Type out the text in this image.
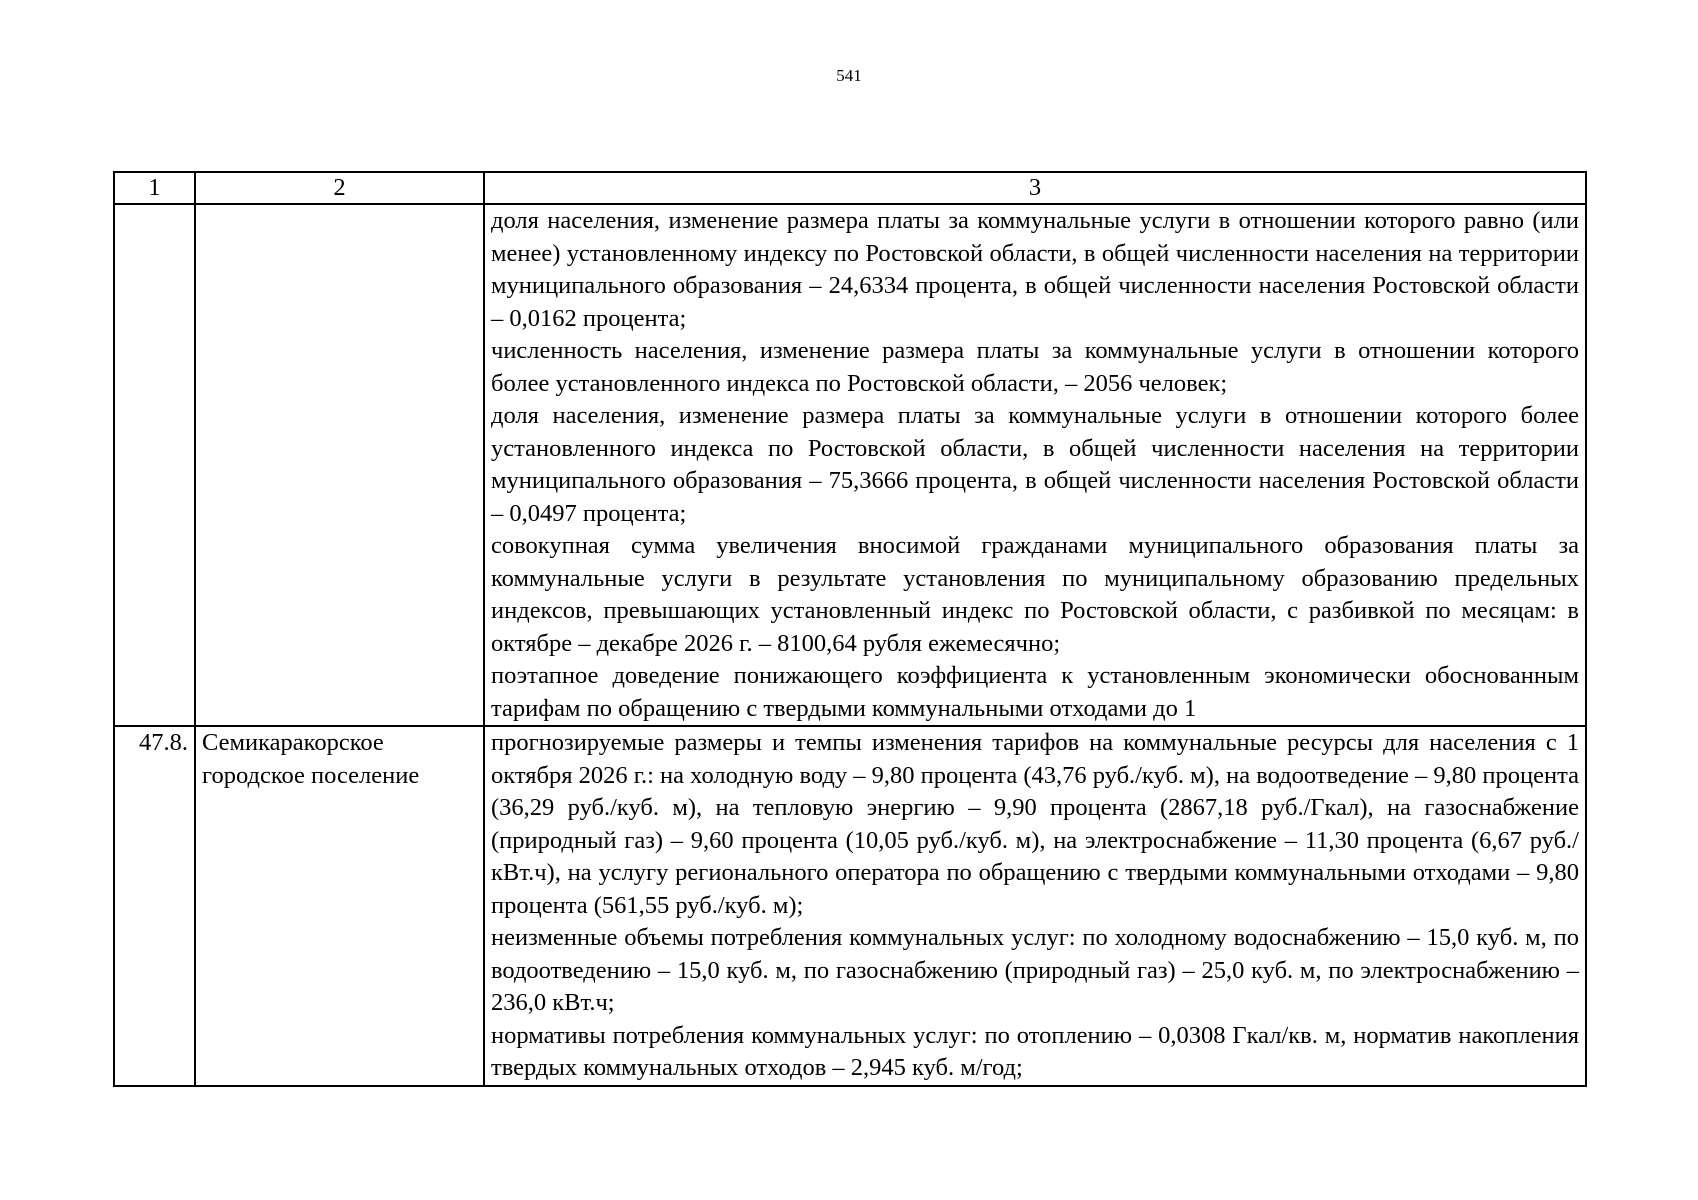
541
1	2	3

		доля населения, изменение размера платы за коммунальные услуги в отношении которого равно (или менее) установленному индексу по Ростовской области, в общей численности населения на территории муниципального образования – 24,6334 процента, в общей численности населения Ростовской области – 0,0162 процента;

численность населения, изменение размера платы за коммунальные услуги в отношении которого более установленного индекса по Ростовской области, – 2056 человек;

доля населения, изменение размера платы за коммунальные услуги в отношении которого более установленного индекса по Ростовской области, в общей численности населения на территории муниципального образования – 75,3666 процента, в общей численности населения Ростовской области – 0,0497 процента;

совокупная сумма увеличения вносимой гражданами муниципального образования платы за коммунальные услуги в результате установления по муниципальному образованию предельных индексов, превышающих установленный индекс по Ростовской области, с разбивкой по месяцам: в октябре – декабре 2026 г. – 8100,64 рубля ежемесячно;

поэтапное доведение понижающего коэффициента к установленным экономически обоснованным тарифам по обращению с твердыми коммунальными отходами до 1

47.8.	Семикаракорское городское поселение	прогнозируемые размеры и темпы изменения тарифов на коммунальные ресурсы для населения с 1 октября 2026 г.: на холодную воду – 9,80 процента (43,76 руб./куб. м), на водоотведение – 9,80 процента (36,29 руб./куб. м), на тепловую энергию – 9,90 процента (2867,18 руб./Гкал), на газоснабжение (природный газ) – 9,60 процента (10,05 руб./куб. м), на электроснабжение – 11,30 процента (6,67 руб./кВт.ч), на услугу регионального оператора по обращению с твердыми коммунальными отходами – 9,80 процента (561,55 руб./куб. м);

неизменные объемы потребления коммунальных услуг: по холодному водоснабжению – 15,0 куб. м, по водоотведению – 15,0 куб. м, по газоснабжению (природный газ) – 25,0 куб. м, по электроснабжению – 236,0 кВт.ч;

нормативы потребления коммунальных услуг: по отоплению – 0,0308 Гкал/кв. м, норматив накопления твердых коммунальных отходов – 2,945 куб. м/год;
